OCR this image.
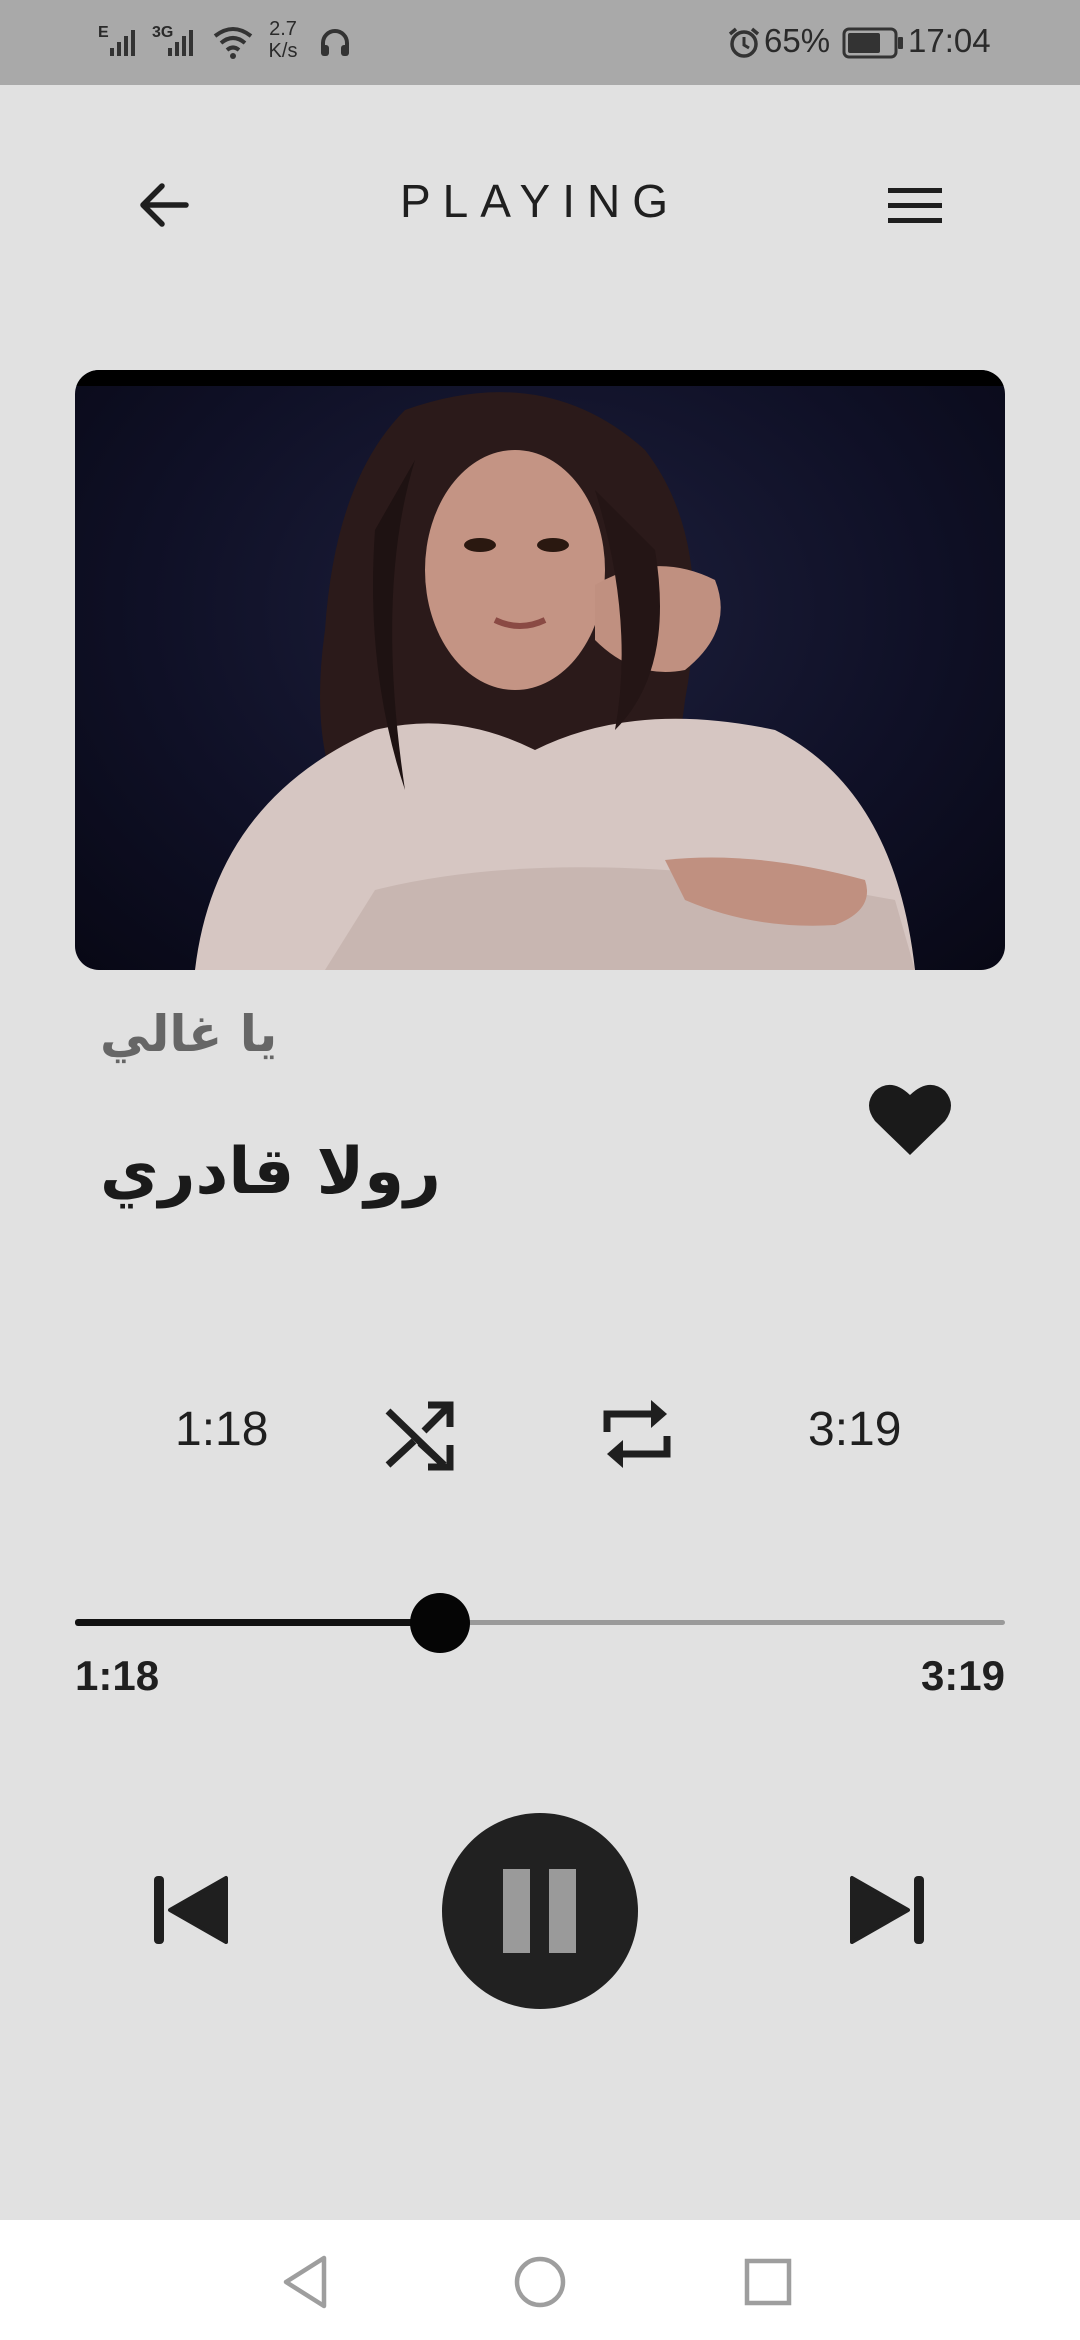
E	3G	2.7
K/s	65% 17:04
PLAYING
يا غالي
رولا قادري
1:18	3:19
1:18	3:19
